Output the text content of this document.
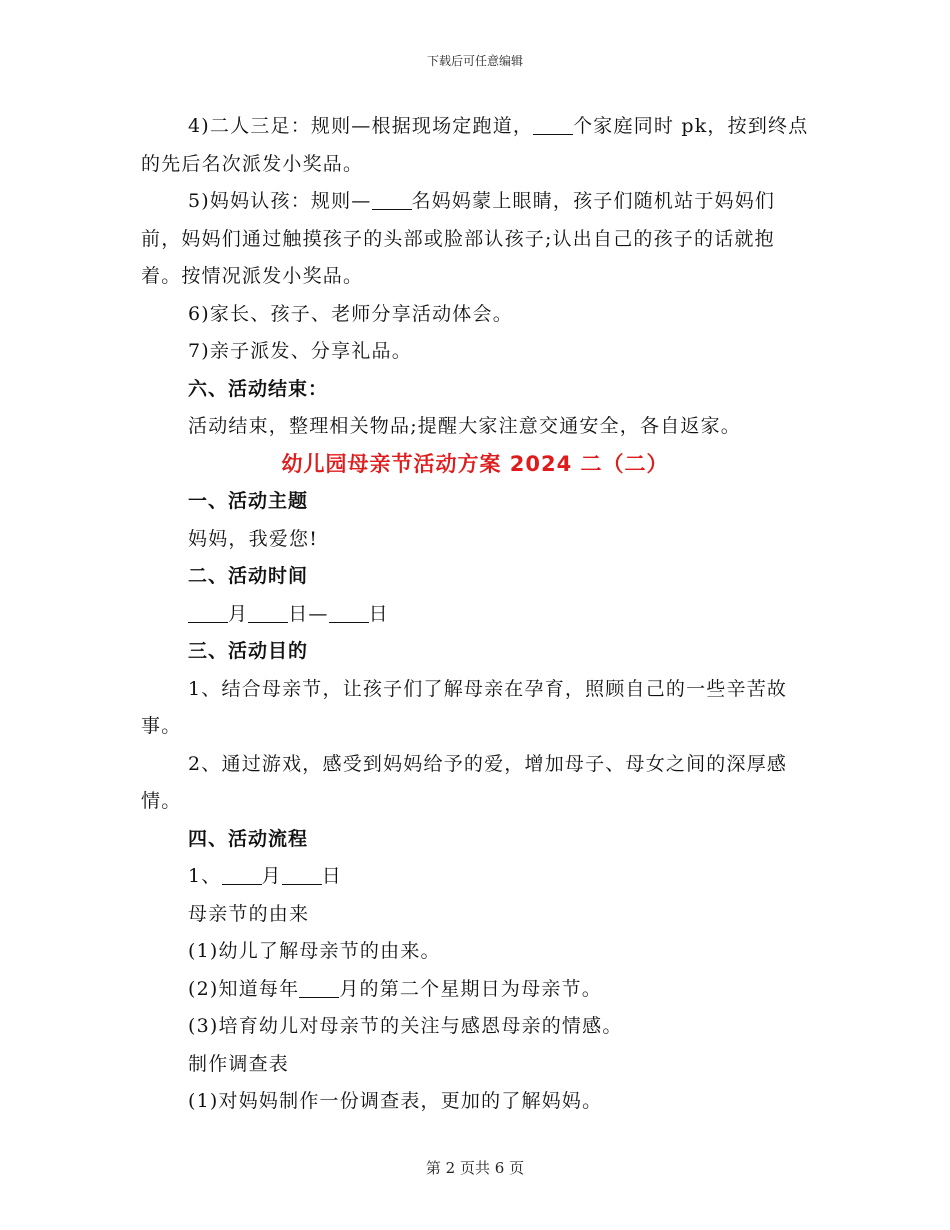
下载后可任意编辑

4)二人三足：规则—根据现场定跑道， 个家庭同时 pk，按到终点的先后名次派发小奖品。

5)妈妈认孩：规则— 名妈妈蒙上眼睛，孩子们随机站于妈妈们前，妈妈们通过触摸孩子的头部或脸部认孩子;认出自己的孩子的话就抱着。按情况派发小奖品。

6)家长、孩子、老师分享活动体会。

7)亲子派发、分享礼品。

六、活动结束：

活动结束，整理相关物品;提醒大家注意交通安全，各自返家。

幼儿园母亲节活动方案 2024 二（二）

一、活动主题

妈妈，我爱您!

二、活动时间

月 日— 日

三、活动目的

1、结合母亲节，让孩子们了解母亲在孕育，照顾自己的一些辛苦故事。

2、通过游戏，感受到妈妈给予的爱，增加母子、母女之间的深厚感情。

四、活动流程

1、 月 日

母亲节的由来

(1)幼儿了解母亲节的由来。

(2)知道每年 月的第二个星期日为母亲节。

(3)培育幼儿对母亲节的关注与感恩母亲的情感。

制作调查表

(1)对妈妈制作一份调查表，更加的了解妈妈。

第 2 页共 6 页
